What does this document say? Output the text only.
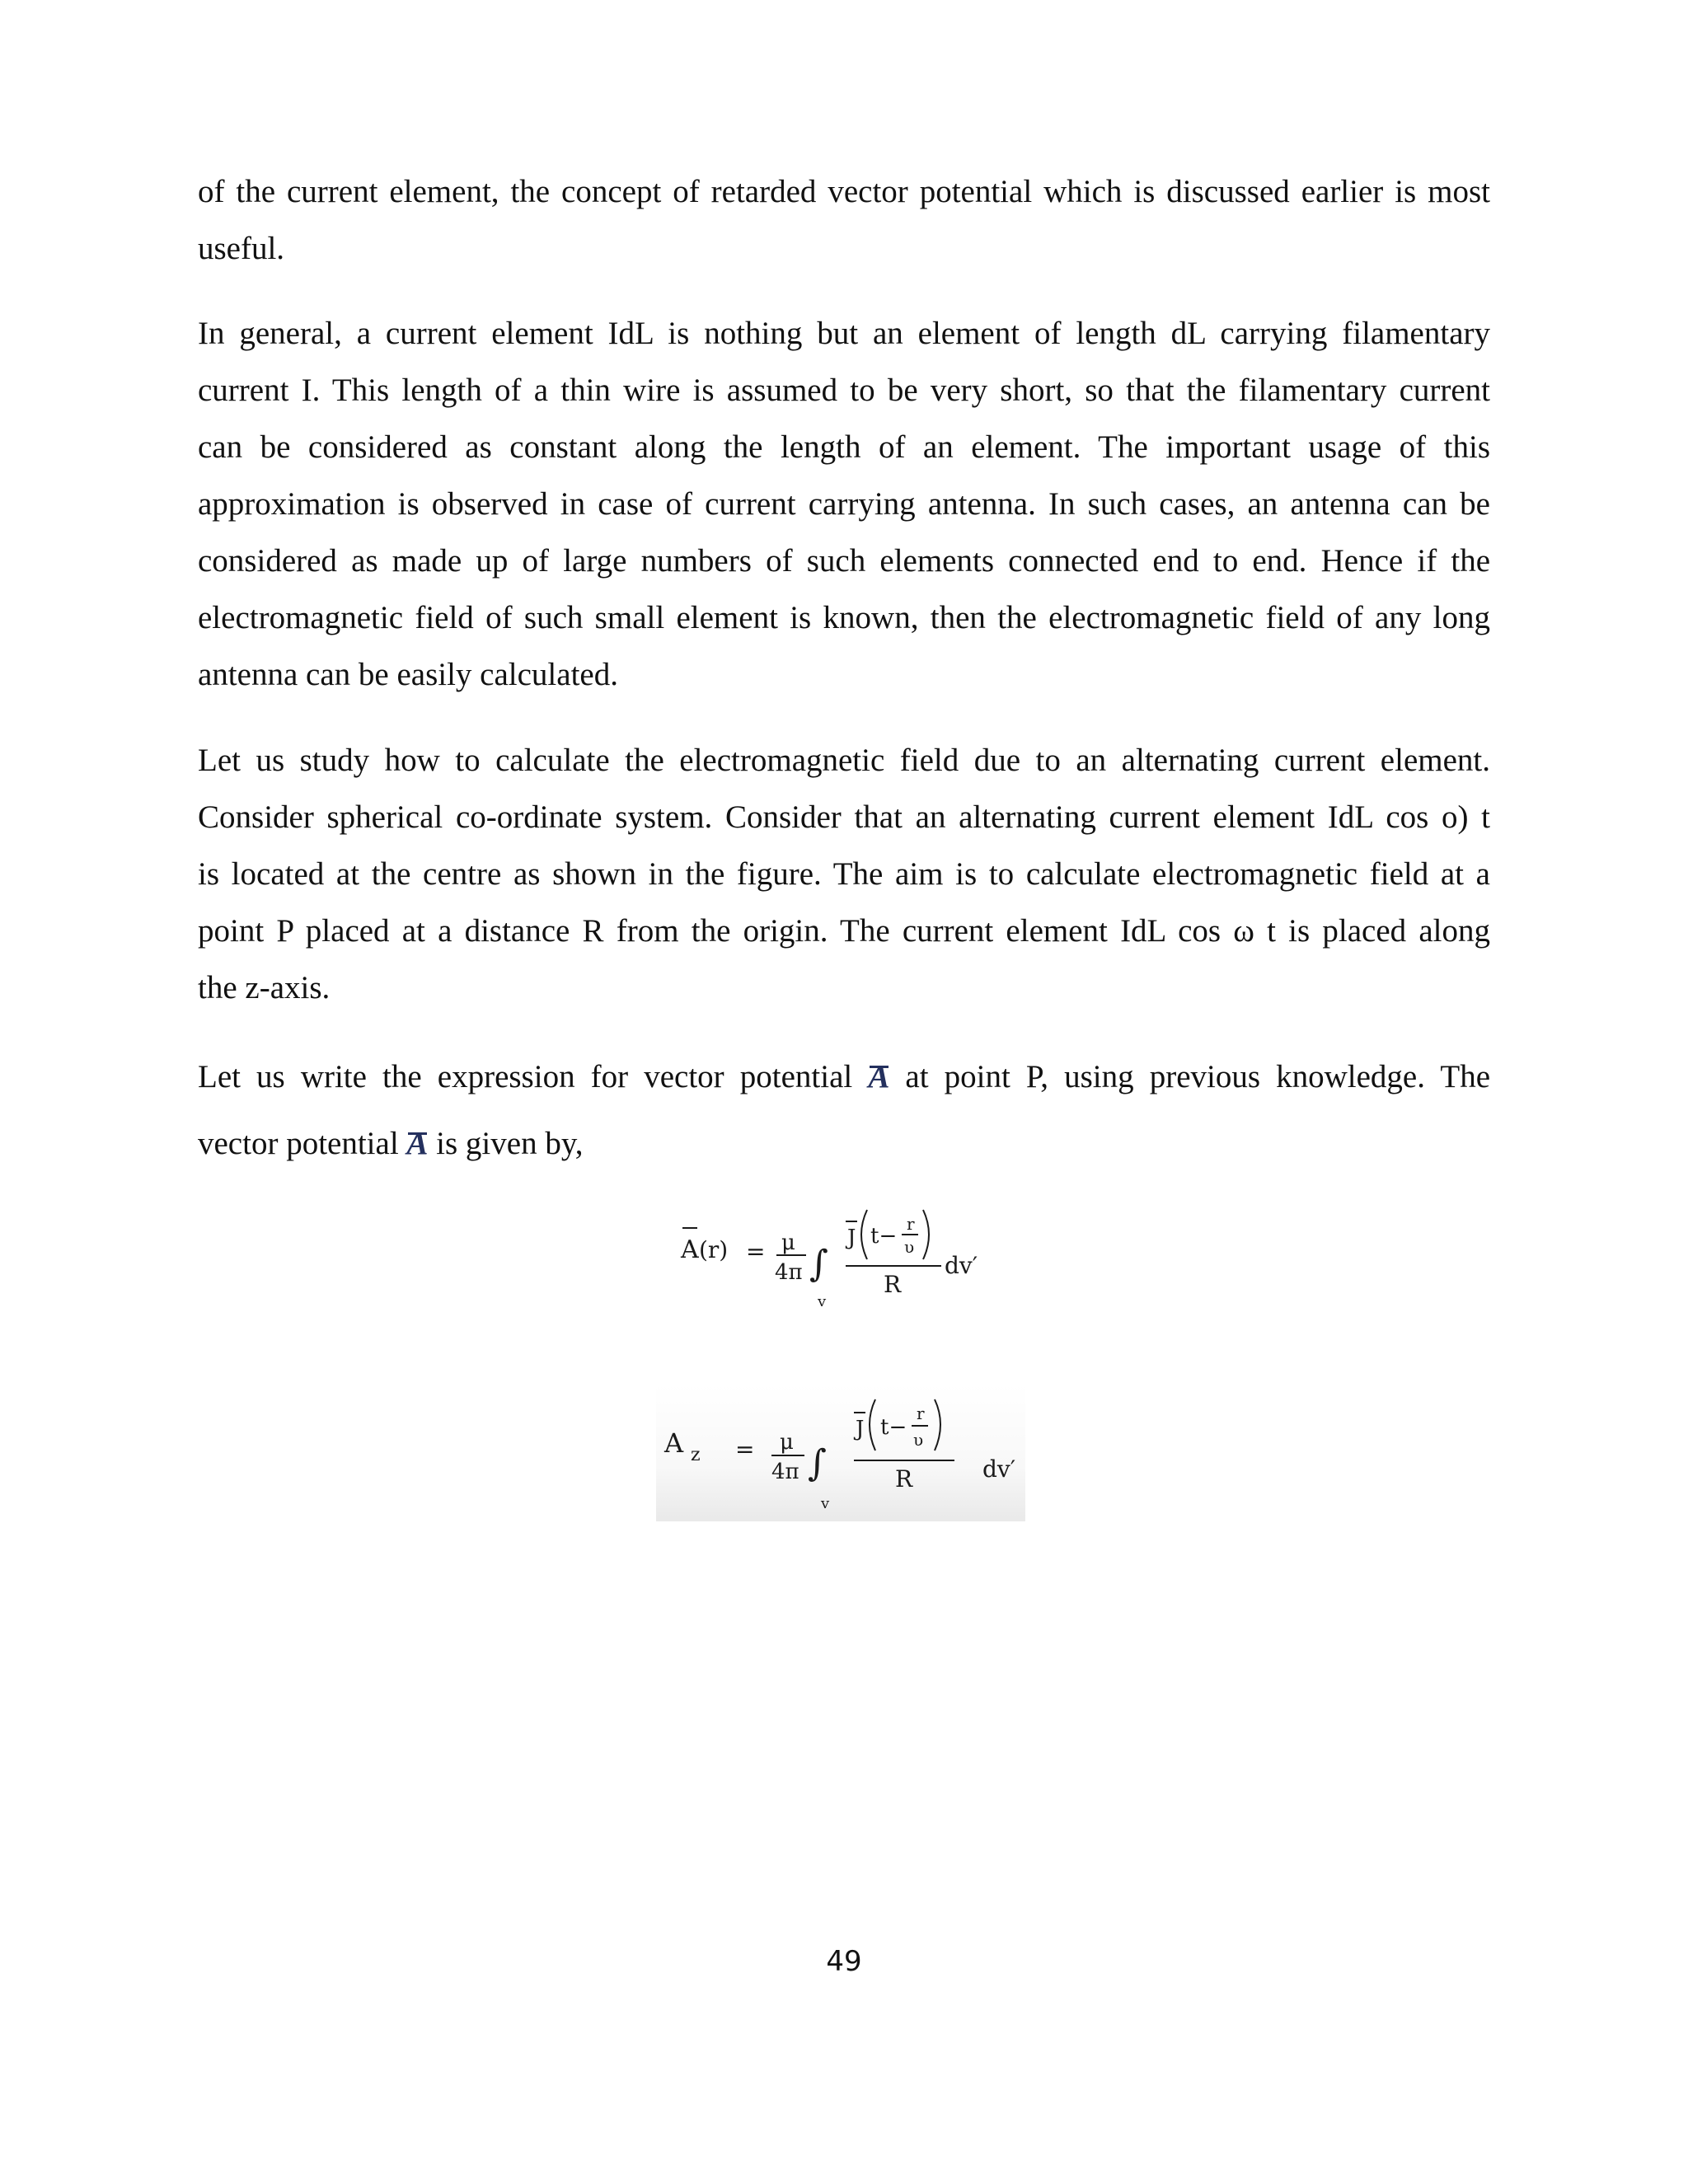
of the current element, the concept of retarded vector potential which is discussed earlier is most
useful.
In general, a current element IdL is nothing but an element of length dL carrying filamentary
current I. This length of a thin wire is assumed to be very short, so that the filamentary current
can be considered as constant along the length of an element. The important usage of this
approximation is observed in case of current carrying antenna. In such cases, an antenna can be
considered as made up of large numbers of such elements connected end to end. Hence if the
electromagnetic field of such small element is known, then the electromagnetic field of any long
antenna can be easily calculated.
Let us study how to calculate the electromagnetic field due to an alternating current element.
Consider spherical co-ordinate system. Consider that an alternating current element IdL cos o) t
is located at the centre as shown in the figure. The aim is to calculate electromagnetic field at a
point P placed at a distance R from the origin. The current element IdL cos ω t is placed along
the z-axis.
Let us write the expression for vector potential A at point P, using previous knowledge. The
vector potential A is given by,
A (r) = μ
4π ∫
v
J t− r
υ
R
dv′
A z = μ
4π ∫
v
J t−
r
υ
R	dv′
49
